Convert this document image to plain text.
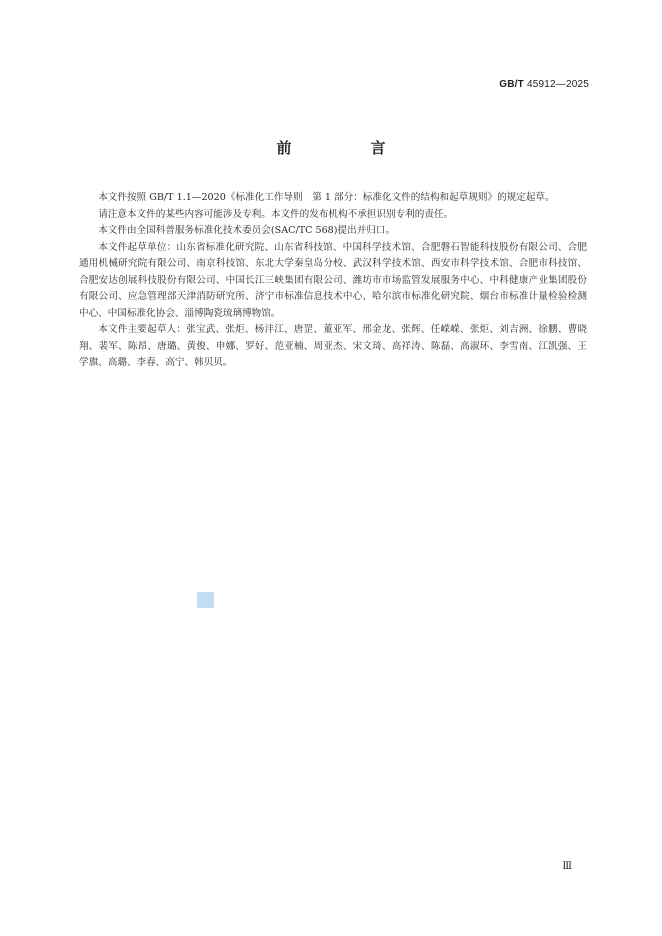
GB/T 45912—2025
前　言

本文件按照 GB/T 1.1—2020《标准化工作导则　第 1 部分：标准化文件的结构和起草规则》的规定起草。

请注意本文件的某些内容可能涉及专利。本文件的发布机构不承担识别专利的责任。

本文件由全国科普服务标准化技术委员会(SAC/TC 568)提出并归口。

本文件起草单位：山东省标准化研究院、山东省科技馆、中国科学技术馆、合肥磐石智能科技股份有限公司、合肥通用机械研究院有限公司、南京科技馆、东北大学秦皇岛分校、武汉科学技术馆、西安市科学技术馆、合肥市科技馆、合肥安达创展科技股份有限公司、中国长江三峡集团有限公司、潍坊市市场监管发展服务中心、中科健康产业集团股份有限公司、应急管理部天津消防研究所、济宁市标准信息技术中心、哈尔滨市标准化研究院、烟台市标准计量检验检测中心、中国标准化协会、淄博陶瓷琉璃博物馆。

本文件主要起草人：张宝武、张炬、杨沣江、唐罡、董亚军、邢金龙、张辉、任嵘嵘、张炬、刘吉洲、徐鹏、曹晓翔、裴军、陈昂、唐璐、黄俊、申娜、罗好、范亚楠、周亚杰、宋文琦、高祥涛、陈磊、高淑环、李雪南、江凯强、王学旗、高璐、李春、高宁、韩贝贝。

Ⅲ
